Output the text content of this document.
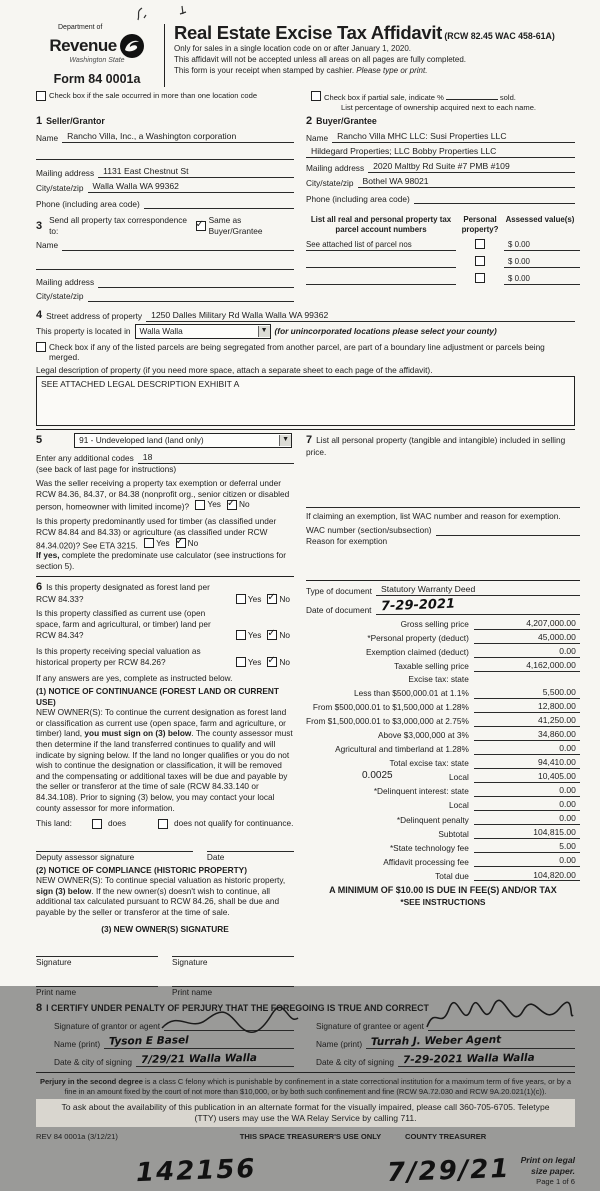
Department of
Revenue
Washington State
Form 84 0001a
Real Estate Excise Tax Affidavit (RCW 82.45 WAC 458-61A)
Only for sales in a single location code on or after January 1, 2020.
This affidavit will not be accepted unless all areas on all pages are fully completed.
This form is your receipt when stamped by cashier. Please type or print.
Check box if the sale occurred in more than one location code	Check box if partial sale, indicate %	sold.
List percentage of ownership acquired next to each name.
1 Seller/Grantor
Name	Rancho Villa, Inc., a Washington corporation
Mailing address	1131 East Chestnut St
City/state/zip	Walla Walla WA 99362
Phone (including area code)
2 Buyer/Grantee
Name	Rancho Villa MHC LLC: Susi Properties LLC
Hildegard Properties; LLC Bobby Properties LLC
Mailing address	2020 Maltby Rd Suite #7 PMB #109
City/state/zip	Bothel WA 98021
Phone (including area code)
3 Send all property tax correspondence to:
✓
Same as Buyer/Grantee
Name
Mailing address
City/state/zip
List all real and personal property tax parcel account numbers
Personal property?
Assessed value(s)
See attached list of parcel nos	$ 0.00
$ 0.00
$ 0.00
4 Street address of property	1250 Dalles Military Rd Walla Walla WA 99362
This property is located in Walla Walla	▼ (for unincorporated locations please select your county)
Check box if any of the listed parcels are being segregated from another parcel, are part of a boundary line adjustment or parcels being merged.
Legal description of property (if you need more space, attach a separate sheet to each page of the affidavit).
SEE ATTACHED LEGAL DESCRIPTION EXHIBIT A
5	91 - Undeveloped land (land only)	▼
Enter any additional codes	18
(see back of last page for instructions)
Was the seller receiving a property tax exemption or deferral under RCW 84.36, 84.37, or 84.38 (nonprofit org., senior citizen or disabled person, homeowner with limited income)? Yes ✓ No
Is this property predominantly used for timber (as classified under RCW 84.84 and 84.33) or agriculture (as classified under RCW 84.34.020)? See ETA 3215. Yes ✓ No
If yes, complete the predominate use calculator (see instructions for section 5).
6 Is this property designated as forest land per RCW 84.33?	Yes ✓ No
Is this property classified as current use (open space, farm and agricultural, or timber) land per RCW 84.34?	Yes ✓ No
Is this property receiving special valuation as historical property per RCW 84.26?	Yes ✓ No
If any answers are yes, complete as instructed below.
(1) NOTICE OF CONTINUANCE (FOREST LAND OR CURRENT USE)
NEW OWNER(S): To continue the current designation as forest land or classification as current use (open space, farm and agriculture, or timber) land, you must sign on (3) below. The county assessor must then determine if the land transferred continues to qualify and will indicate by signing below. If the land no longer qualifies or you do not wish to continue the designation or classification, it will be removed and the compensating or additional taxes will be due and payable by the seller or transferor at the time of sale (RCW 84.33.140 or 84.34.108). Prior to signing (3) below, you may contact your local county assessor for more information.
This land:	does	does not qualify for continuance.
Deputy assessor signature	Date
(2) NOTICE OF COMPLIANCE (HISTORIC PROPERTY)
NEW OWNER(S): To continue special valuation as historic property, sign (3) below. If the new owner(s) doesn't wish to continue, all additional tax calculated pursuant to RCW 84.26, shall be due and payable by the seller or transferor at the time of sale.
(3) NEW OWNER(S) SIGNATURE
Signature	Signature
Print name	Print name
7 List all personal property (tangible and intangible) included in selling price.
If claiming an exemption, list WAC number and reason for exemption.
WAC number (section/subsection)
Reason for exemption
Type of document	Statutory Warranty Deed
Date of document 7-29-2021
Gross selling price	4,207,000.00
*Personal property (deduct)	45,000.00
Exemption claimed (deduct)	0.00
Taxable selling price	4,162,000.00
Excise tax: state
Less than $500,000.01 at 1.1%	5,500.00
From $500,000.01 to $1,500,000 at 1.28%	12,800.00
From $1,500,000.01 to $3,000,000 at 2.75%	41,250.00
Above $3,000,000 at 3%	34,860.00
Agricultural and timberland at 1.28%	0.00
Total excise tax: state	94,410.00
0.0025	Local	10,405.00
*Delinquent interest: state	0.00
Local	0.00
*Delinquent penalty	0.00
Subtotal	104,815.00
*State technology fee	5.00
Affidavit processing fee	0.00
Total due	104,820.00
A MINIMUM OF $10.00 IS DUE IN FEE(S) AND/OR TAX
*SEE INSTRUCTIONS
8 I CERTIFY UNDER PENALTY OF PERJURY THAT THE FOREGOING IS TRUE AND CORRECT
Signature of grantor or agent
Name (print) Tyson E Basel
Date & city of signing 7/29/21 Walla Walla
Signature of grantee or agent
Name (print) Turrah J. Weber Agent
Date & city of signing 7-29-2021 Walla Walla
Perjury in the second degree is a class C felony which is punishable by confinement in a state correctional institution for a maximum term of five years, or by a fine in an amount fixed by the court of not more than $10,000, or by both such confinement and fine (RCW 9A.72.030 and RCW 9A.20.021(1)(c)).
To ask about the availability of this publication in an alternate format for the visually impaired, please call 360-705-6705. Teletype
(TTY) users may use the WA Relay Service by calling 711.
REV 84 0001a (3/12/21)	THIS SPACE TREASURER'S USE ONLY	COUNTY TREASURER
142156	7/29/21	Print on legal size paper.
Page 1 of 6
